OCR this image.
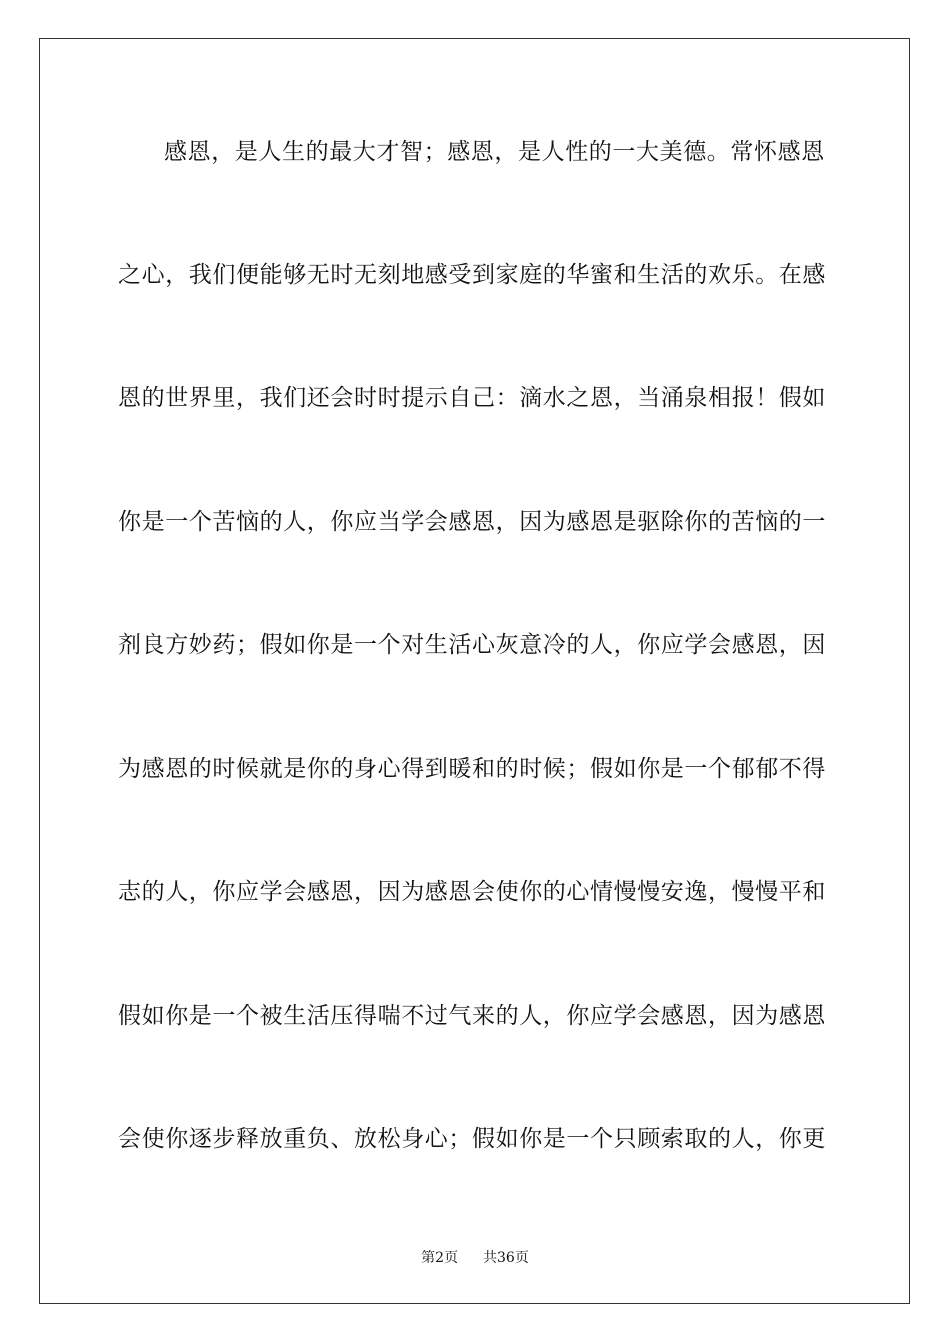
感恩，是人生的最大才智；感恩，是人性的一大美德。常怀感恩
之心，我们便能够无时无刻地感受到家庭的华蜜和生活的欢乐。在感
恩的世界里，我们还会时时提示自己：滴水之恩，当涌泉相报！假如
你是一个苦恼的人，你应当学会感恩，因为感恩是驱除你的苦恼的一
剂良方妙药；假如你是一个对生活心灰意冷的人，你应学会感恩，因
为感恩的时候就是你的身心得到暖和的时候；假如你是一个郁郁不得
志的人，你应学会感恩，因为感恩会使你的心情慢慢安逸，慢慢平和
假如你是一个被生活压得喘不过气来的人，你应学会感恩，因为感恩
会使你逐步释放重负、放松身心；假如你是一个只顾索取的人，你更
第2页 共36页
